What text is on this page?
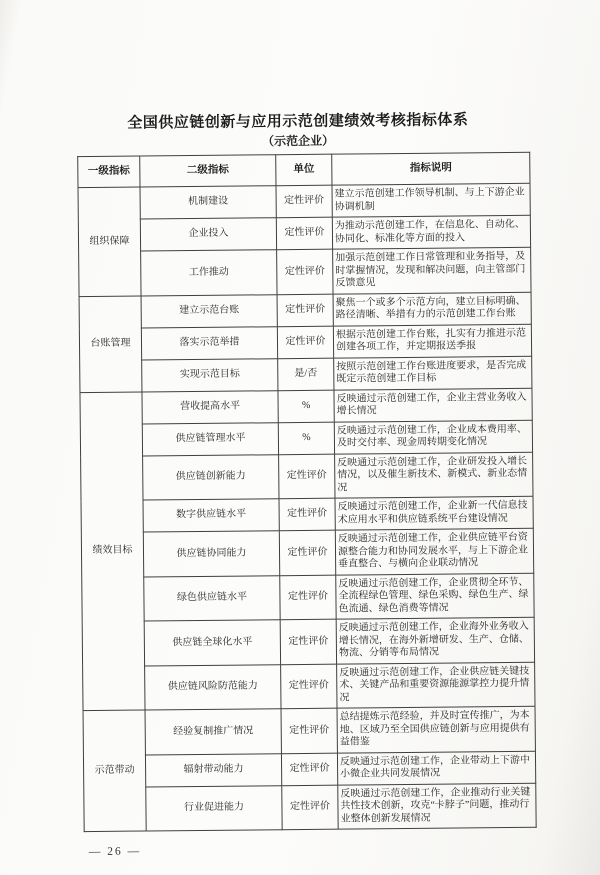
全国供应链创新与应用示范创建绩效考核指标体系
（示范企业）
一级指标	二级指标	单位	指标说明
组织保障	机制建设	定性评价	建立示范创建工作领导机制、与上下游企业协调机制
	企业投入	定性评价	为推动示范创建工作，在信息化、自动化、协同化、标准化等方面的投入
	工作推动	定性评价	加强示范创建工作日常管理和业务指导，及时掌握情况，发现和解决问题，向主管部门反馈意见
台账管理	建立示范台账	定性评价	聚焦一个或多个示范方向，建立目标明确、路径清晰、举措有力的示范创建工作台账
	落实示范举措	定性评价	根据示范创建工作台账，扎实有力推进示范创建各项工作，并定期报送季报
	实现示范目标	是/否	按照示范创建工作台账进度要求，是否完成既定示范创建工作目标
绩效目标	营收提高水平	%	反映通过示范创建工作，企业主营业务收入增长情况
	供应链管理水平	%	反映通过示范创建工作，企业成本费用率、及时交付率、现金周转期变化情况
	供应链创新能力	定性评价	反映通过示范创建工作，企业研发投入增长情况，以及催生新技术、新模式、新业态情况
	数字供应链水平	定性评价	反映通过示范创建工作，企业新一代信息技术应用水平和供应链系统平台建设情况
	供应链协同能力	定性评价	反映通过示范创建工作，企业供应链平台资源整合能力和协同发展水平，与上下游企业垂直整合、与横向企业联动情况
	绿色供应链水平	定性评价	反映通过示范创建工作，企业贯彻全环节、全流程绿色管理、绿色采购、绿色生产、绿色流通、绿色消费等情况
	供应链全球化水平	定性评价	反映通过示范创建工作，企业海外业务收入增长情况，在海外新增研发、生产、仓储、物流、分销等布局情况
	供应链风险防范能力	定性评价	反映通过示范创建工作，企业供应链关键技术、关键产品和重要资源能源掌控力提升情况
示范带动	经验复制推广情况	定性评价	总结提炼示范经验，并及时宣传推广，为本地、区域乃至全国供应链创新与应用提供有益借鉴
	辐射带动能力	定性评价	反映通过示范创建工作，企业带动上下游中小微企业共同发展情况
	行业促进能力	定性评价	反映通过示范创建工作，企业推动行业关键共性技术创新，攻克“卡脖子”问题，推动行业整体创新发展情况
— 26 —
